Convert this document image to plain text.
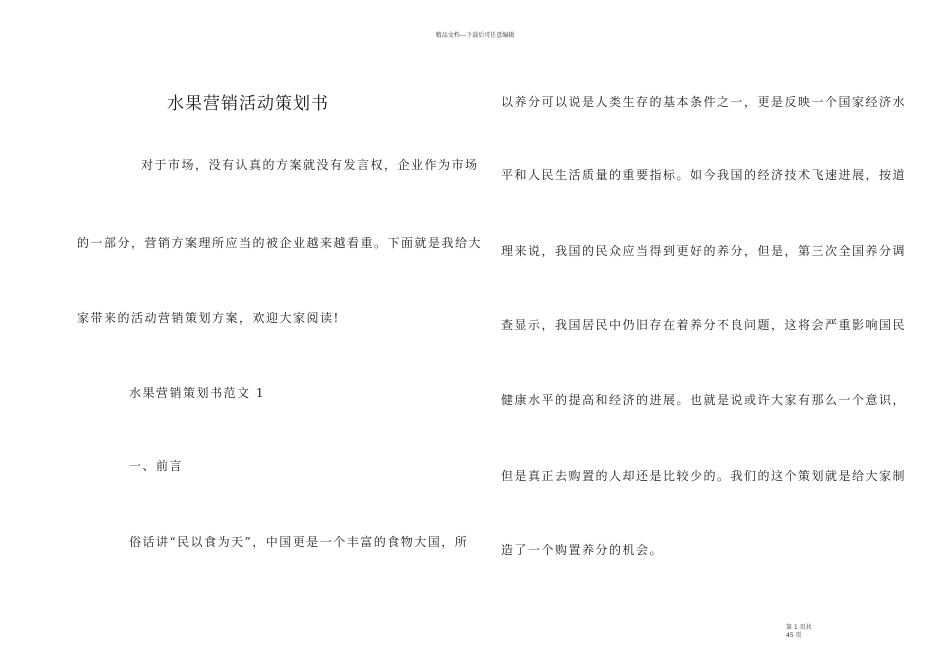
精品文档---下载后可任意编辑
水果营销活动策划书
对于市场，没有认真的方案就没有发言权，企业作为市场
的一部分，营销方案理所应当的被企业越来越看重。下面就是我给大
家带来的活动营销策划方案，欢迎大家阅读!
水果营销策划书范文 1
一、前言
俗话讲“民以食为天”，中国更是一个丰富的食物大国，所
以养分可以说是人类生存的基本条件之一，更是反映一个国家经济水
平和人民生活质量的重要指标。如今我国的经济技术飞速进展，按道
理来说，我国的民众应当得到更好的养分，但是，第三次全国养分调
查显示，我国居民中仍旧存在着养分不良问题，这将会严重影响国民
健康水平的提高和经济的进展。也就是说或许大家有那么一个意识，
但是真正去购置的人却还是比较少的。我们的这个策划就是给大家制
造了一个购置养分的机会。
第 1 页共 45 页
